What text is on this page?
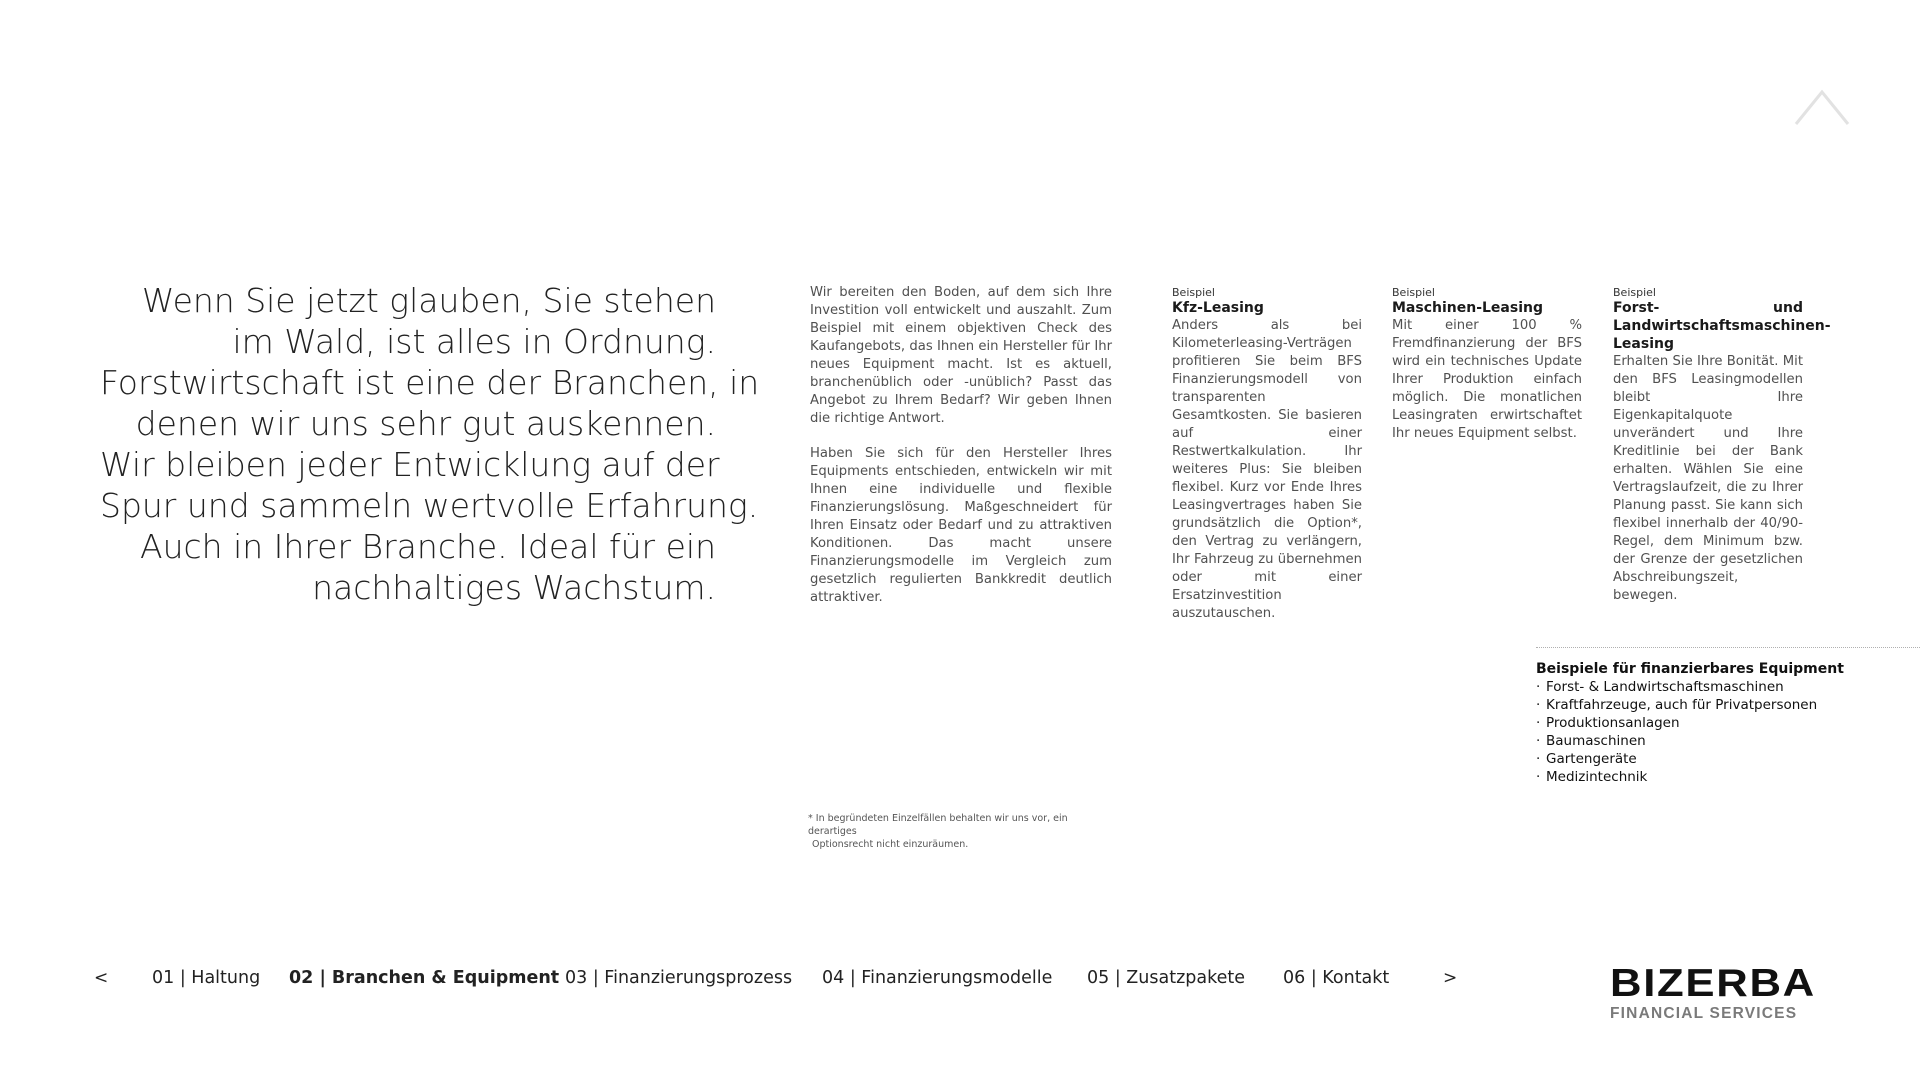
Wenn Sie jetzt glauben, Sie stehen
im Wald, ist alles in Ordnung.
Forstwirtschaft ist eine der Branchen, in
denen wir uns sehr gut auskennen.
Wir bleiben jeder Entwicklung auf der
Spur und sammeln wertvolle Erfahrung.
Auch in Ihrer Branche. Ideal für ein
nachhaltiges Wachstum.

Wir bereiten den Boden, auf dem sich Ihre Investition voll entwickelt und auszahlt. Zum Beispiel mit einem objektiven Check des Kaufangebots, das Ihnen ein Hersteller für Ihr neues Equipment macht. Ist es aktuell, branchenüblich oder -unüblich? Passt das Angebot zu Ihrem Bedarf? Wir geben Ihnen die richtige Antwort.

Haben Sie sich für den Hersteller Ihres Equipments entschieden, entwickeln wir mit Ihnen eine individuelle und flexible Finanzierungslösung. Maßgeschneidert für Ihren Einsatz oder Bedarf und zu attraktiven Konditionen. Das macht unsere Finanzierungsmodelle im Vergleich zum gesetzlich regulierten Bankkredit deutlich attraktiver.

Beispiel
Kfz-Leasing

Anders als bei Kilometerleasing-Verträgen profitieren Sie beim BFS Finanzierungsmodell von transparenten Gesamtkosten. Sie basieren auf einer Restwertkalkulation. Ihr weiteres Plus: Sie bleiben flexibel. Kurz vor Ende Ihres Leasingvertrages haben Sie grundsätzlich die Option*, den Vertrag zu verlängern, Ihr Fahrzeug zu übernehmen oder mit einer Ersatzinvestition auszutauschen.

Beispiel
Maschinen-Leasing

Mit einer 100 % Fremdfinanzierung der BFS wird ein technisches Update Ihrer Produktion einfach möglich. Die monatlichen Leasingraten erwirtschaftet Ihr neues Equipment selbst.

Beispiel
Forst- und Landwirtschaftsmaschinen-Leasing

Erhalten Sie Ihre Bonität. Mit den BFS Leasingmodellen bleibt Ihre Eigenkapitalquote unverändert und Ihre Kreditlinie bei der Bank erhalten. Wählen Sie eine Vertragslaufzeit, die zu Ihrer Planung passt. Sie kann sich flexibel innerhalb der 40/90-Regel, dem Minimum bzw. der Grenze der gesetzlichen Abschreibungszeit, bewegen.

Beispiele für finanzierbares Equipment
· Forst- & Landwirtschaftsmaschinen
· Kraftfahrzeuge, auch für Privatpersonen
· Produktionsanlagen
· Baumaschinen
· Gartengeräte
· Medizintechnik
* In begründeten Einzelfällen behalten wir uns vor, ein derartiges
Optionsrecht nicht einzuräumen.
<	01 | Haltung 02 | Branchen & Equipment 03 | Finanzierungsprozess 04 | Finanzierungsmodelle 05 | Zusatzpakete 06 | Kontakt	>	BIZERBA
FINANCIAL SERVICES
